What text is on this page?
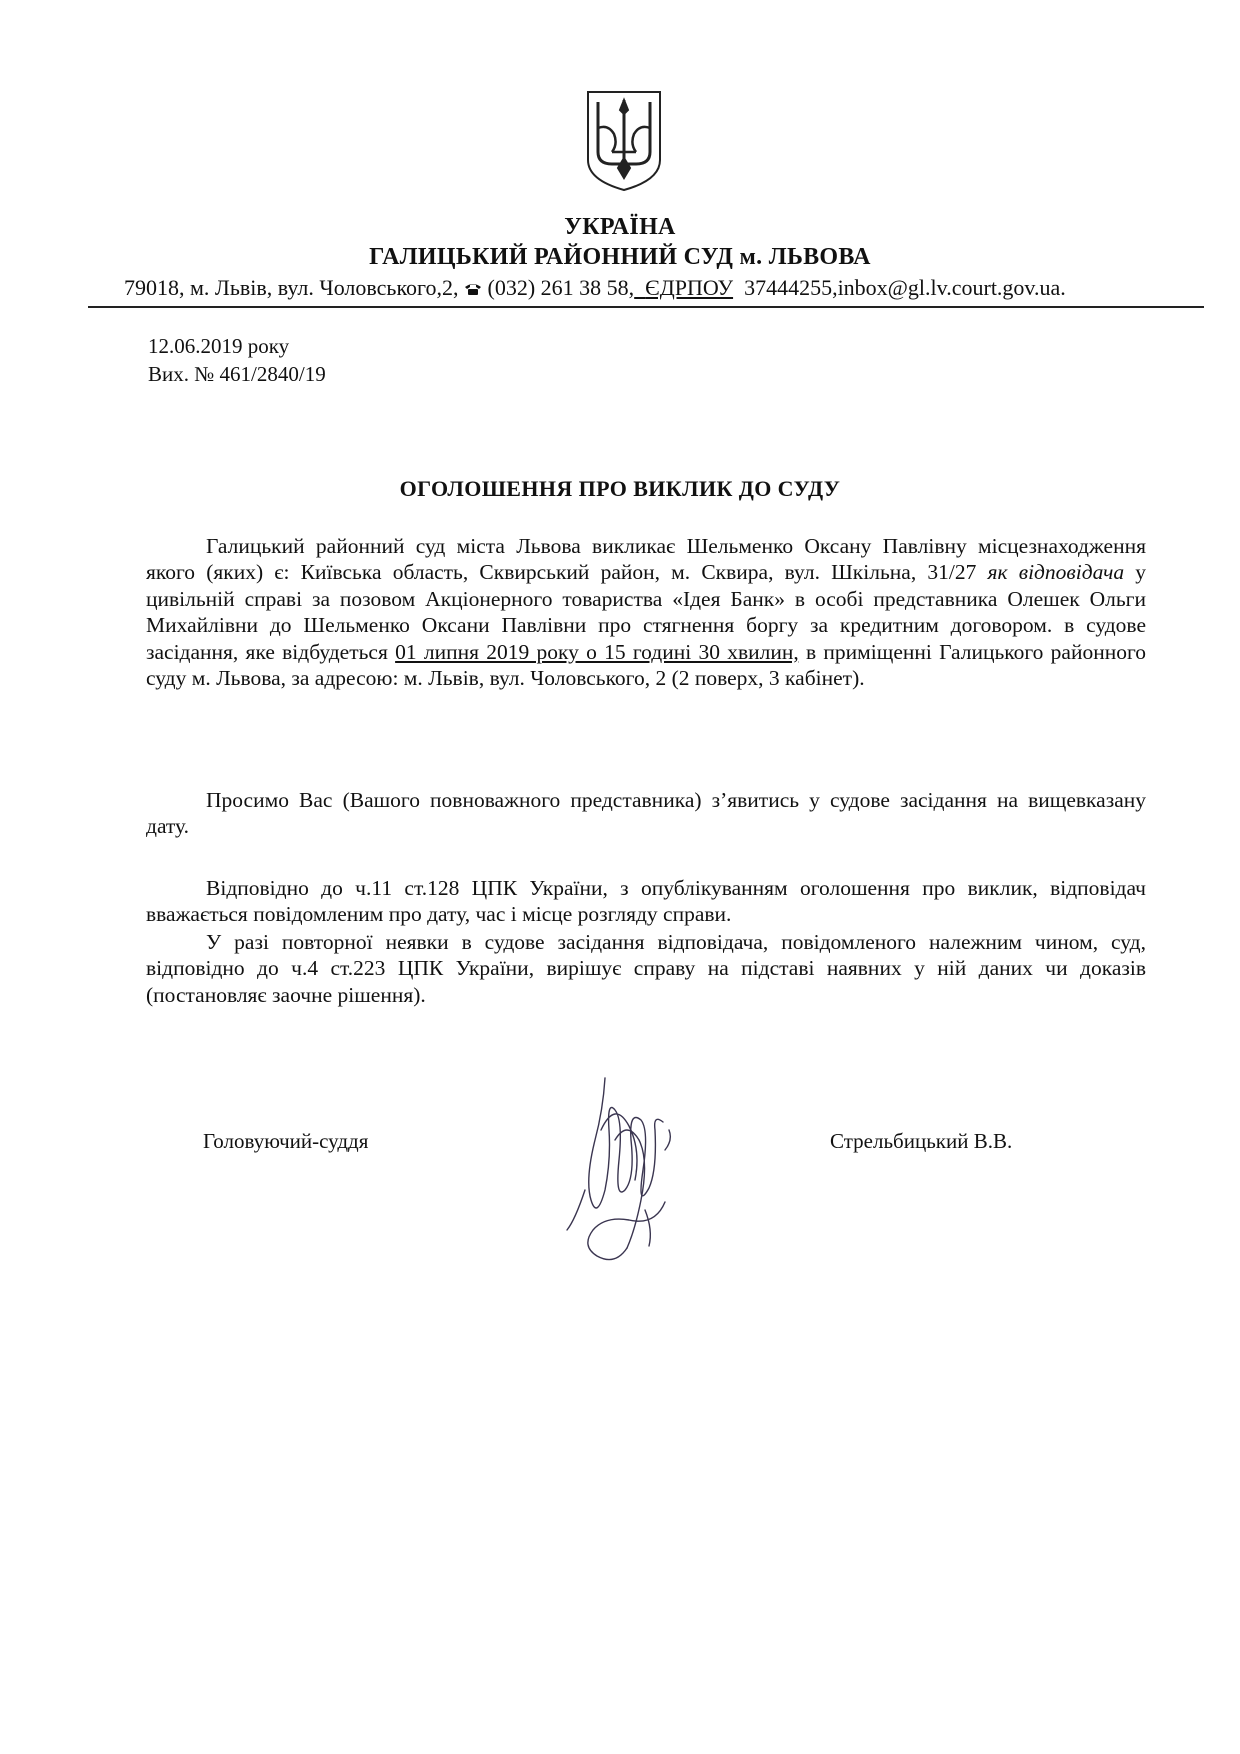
УКРАЇНА
ГАЛИЦЬКИЙ РАЙОННИЙ СУД м. ЛЬВОВА
79018, м. Львів, вул. Чоловського,2, (032) 261 38 58, ЄДРПОУ 37444255,inbox@gl.lv.court.gov.ua.
12.06.2019 року
Вих. № 461/2840/19
ОГОЛОШЕННЯ ПРО ВИКЛИК ДО СУДУ
Галицький районний суд міста Львова викликає Шельменко Оксану Павлівну місцезнаходження якого (яких) є: Київська область, Сквирський район, м. Сквира, вул. Шкільна, 31/27 як відповідача у цивільній справі за позовом Акціонерного товариства «Ідея Банк» в особі представника Олешек Ольги Михайлівни до Шельменко Оксани Павлівни про стягнення боргу за кредитним договором. в судове засідання, яке відбудеться 01 липня 2019 року о 15 годині 30 хвилин, в приміщенні Галицького районного суду м. Львова, за адресою: м. Львів, вул. Чоловського, 2 (2 поверх, 3 кабінет).
Просимо Вас (Вашого повноважного представника) з’явитись у судове засідання на вищевказану дату.
Відповідно до ч.11 ст.128 ЦПК України, з опублікуванням оголошення про виклик, відповідач вважається повідомленим про дату, час і місце розгляду справи.
У разі повторної неявки в судове засідання відповідача, повідомленого належним чином, суд, відповідно до ч.4 ст.223 ЦПК України, вирішує справу на підставі наявних у ній даних чи доказів (постановляє заочне рішення).
Головуючий-суддя	Стрельбицький В.В.
